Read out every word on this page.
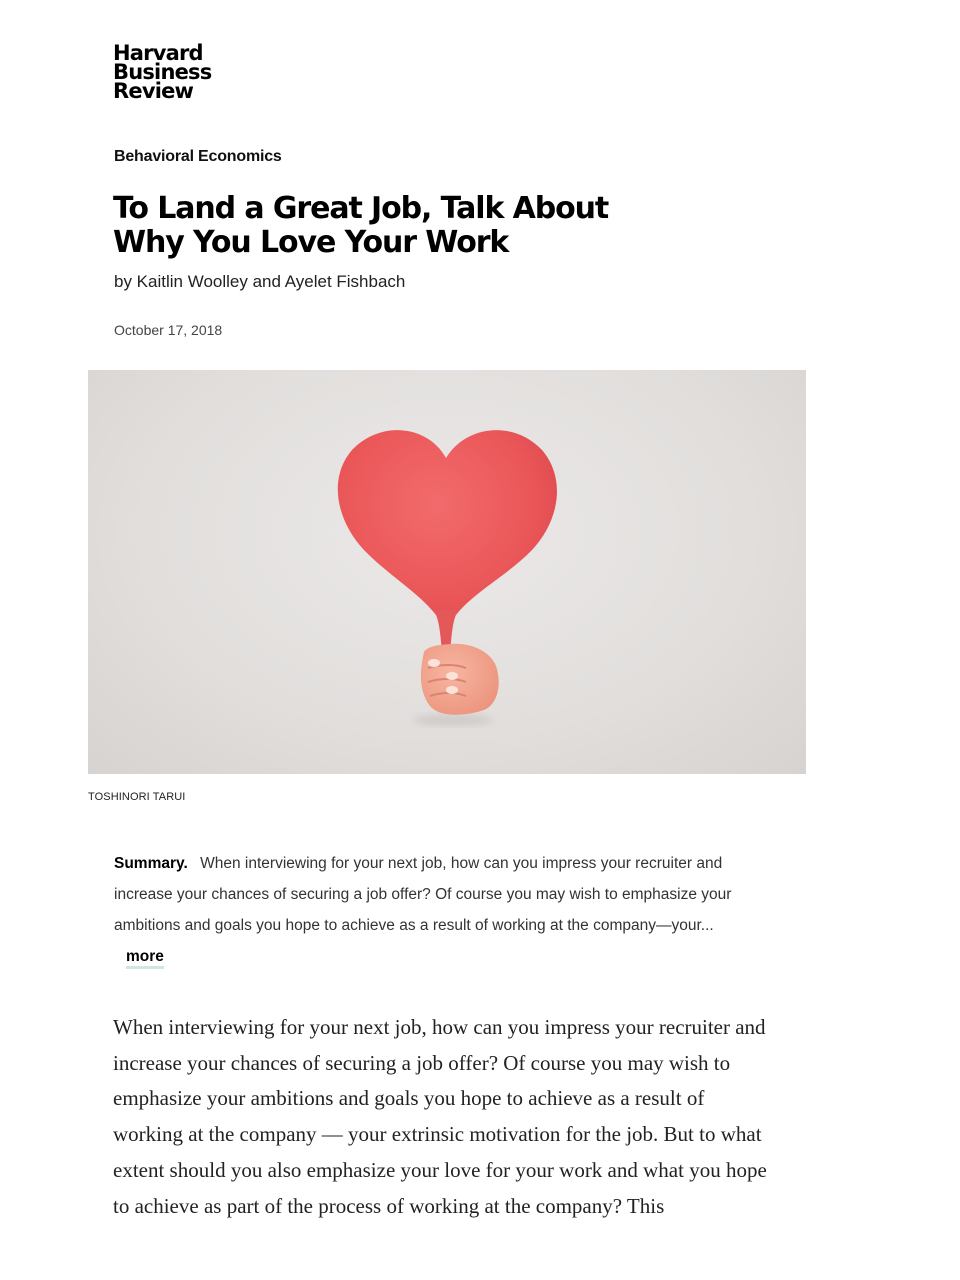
Harvard
Business
Review
Behavioral Economics
To Land a Great Job, Talk About Why You Love Your Work
by Kaitlin Woolley and Ayelet Fishbach
October 17, 2018
TOSHINORI TARUI
Summary. When interviewing for your next job, how can you impress your recruiter and increase your chances of securing a job offer? Of course you may wish to emphasize your ambitions and goals you hope to achieve as a result of working at the company—your... more

When interviewing for your next job, how can you impress your recruiter and increase your chances of securing a job offer? Of course you may wish to emphasize your ambitions and goals you hope to achieve as a result of working at the company — your extrinsic motivation for the job. But to what extent should you also emphasize your love for your work and what you hope to achieve as part of the process of working at the company? This
